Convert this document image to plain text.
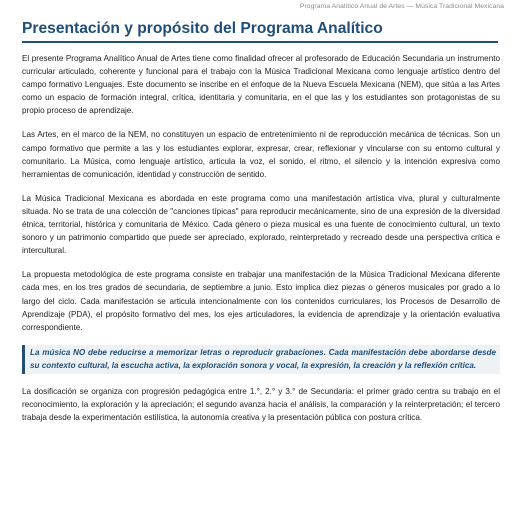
Programa Analítico Anual de Artes — Música Tradicional Mexicana
Presentación y propósito del Programa Analítico

El presente Programa Analítico Anual de Artes tiene como finalidad ofrecer al profesorado de Educación Secundaria un instrumento curricular articulado, coherente y funcional para el trabajo con la Música Tradicional Mexicana como lenguaje artístico dentro del campo formativo Lenguajes. Este documento se inscribe en el enfoque de la Nueva Escuela Mexicana (NEM), que sitúa a las Artes como un espacio de formación integral, crítica, identitaria y comunitaria, en el que las y los estudiantes son protagonistas de su propio proceso de aprendizaje.

Las Artes, en el marco de la NEM, no constituyen un espacio de entretenimiento ni de reproducción mecánica de técnicas. Son un campo formativo que permite a las y los estudiantes explorar, expresar, crear, reflexionar y vincularse con su entorno cultural y comunitario. La Música, como lenguaje artístico, articula la voz, el sonido, el ritmo, el silencio y la intención expresiva como herramientas de comunicación, identidad y construcción de sentido.

La Música Tradicional Mexicana es abordada en este programa como una manifestación artística viva, plural y culturalmente situada. No se trata de una colección de "canciones típicas" para reproducir mecánicamente, sino de una expresión de la diversidad étnica, territorial, histórica y comunitaria de México. Cada género o pieza musical es una fuente de conocimiento cultural, un texto sonoro y un patrimonio compartido que puede ser apreciado, explorado, reinterpretado y recreado desde una perspectiva crítica e intercultural.

La propuesta metodológica de este programa consiste en trabajar una manifestación de la Música Tradicional Mexicana diferente cada mes, en los tres grados de secundaria, de septiembre a junio. Esto implica diez piezas o géneros musicales por grado a lo largo del ciclo. Cada manifestación se articula intencionalmente con los contenidos curriculares, los Procesos de Desarrollo de Aprendizaje (PDA), el propósito formativo del mes, los ejes articuladores, la evidencia de aprendizaje y la orientación evaluativa correspondiente.

La música NO debe reducirse a memorizar letras o reproducir grabaciones. Cada manifestación debe abordarse desde su contexto cultural, la escucha activa, la exploración sonora y vocal, la expresión, la creación y la reflexión crítica.

La dosificación se organiza con progresión pedagógica entre 1.°, 2.° y 3.° de Secundaria: el primer grado centra su trabajo en el reconocimiento, la exploración y la apreciación; el segundo avanza hacia el análisis, la comparación y la reinterpretación; el tercero trabaja desde la experimentación estilística, la autonomía creativa y la presentación pública con postura crítica.
